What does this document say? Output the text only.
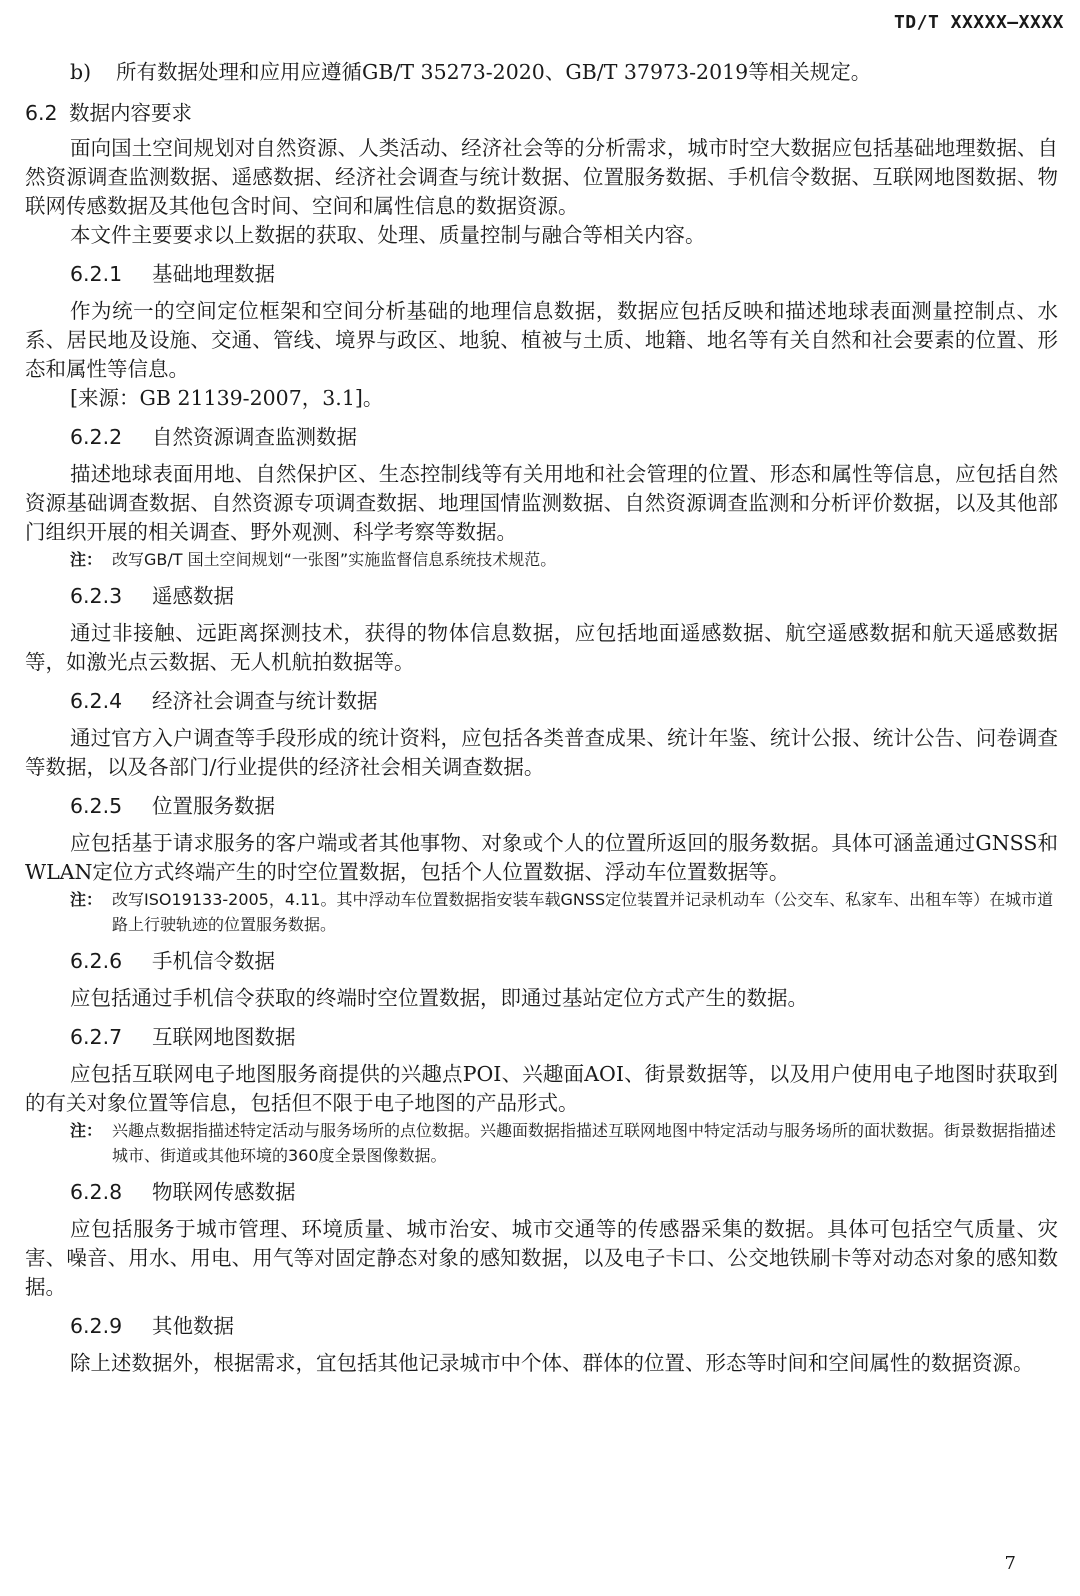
TD/T XXXXX—XXXX
b) 所有数据处理和应用应遵循GB/T 35273-2020、GB/T 37973-2019等相关规定。
6.2 数据内容要求

面向国土空间规划对自然资源、人类活动、经济社会等的分析需求，城市时空大数据应包括基础地理数据、自然资源调查监测数据、遥感数据、经济社会调查与统计数据、位置服务数据、手机信令数据、互联网地图数据、物联网传感数据及其他包含时间、空间和属性信息的数据资源。

本文件主要要求以上数据的获取、处理、质量控制与融合等相关内容。

6.2.1 基础地理数据

作为统一的空间定位框架和空间分析基础的地理信息数据，数据应包括反映和描述地球表面测量控制点、水系、居民地及设施、交通、管线、境界与政区、地貌、植被与土质、地籍、地名等有关自然和社会要素的位置、形态和属性等信息。

[来源：GB 21139-2007，3.1]。

6.2.2 自然资源调查监测数据

描述地球表面用地、自然保护区、生态控制线等有关用地和社会管理的位置、形态和属性等信息，应包括自然资源基础调查数据、自然资源专项调查数据、地理国情监测数据、自然资源调查监测和分析评价数据，以及其他部门组织开展的相关调查、野外观测、科学考察等数据。

注： 改写GB/T 国土空间规划“一张图”实施监督信息系统技术规范。
6.2.3 遥感数据

通过非接触、远距离探测技术，获得的物体信息数据，应包括地面遥感数据、航空遥感数据和航天遥感数据等，如激光点云数据、无人机航拍数据等。

6.2.4 经济社会调查与统计数据

通过官方入户调查等手段形成的统计资料，应包括各类普查成果、统计年鉴、统计公报、统计公告、问卷调查等数据，以及各部门/行业提供的经济社会相关调查数据。

6.2.5 位置服务数据

应包括基于请求服务的客户端或者其他事物、对象或个人的位置所返回的服务数据。具体可涵盖通过GNSS和WLAN定位方式终端产生的时空位置数据，包括个人位置数据、浮动车位置数据等。

注： 改写ISO19133-2005，4.11。其中浮动车位置数据指安装车载GNSS定位装置并记录机动车（公交车、私家车、出租车等）在城市道路上行驶轨迹的位置服务数据。
6.2.6 手机信令数据

应包括通过手机信令获取的终端时空位置数据，即通过基站定位方式产生的数据。

6.2.7 互联网地图数据

应包括互联网电子地图服务商提供的兴趣点POI、兴趣面AOI、街景数据等，以及用户使用电子地图时获取到的有关对象位置等信息，包括但不限于电子地图的产品形式。

注： 兴趣点数据指描述特定活动与服务场所的点位数据。兴趣面数据指描述互联网地图中特定活动与服务场所的面状数据。街景数据指描述城市、街道或其他环境的360度全景图像数据。
6.2.8 物联网传感数据

应包括服务于城市管理、环境质量、城市治安、城市交通等的传感器采集的数据。具体可包括空气质量、灾害、噪音、用水、用电、用气等对固定静态对象的感知数据，以及电子卡口、公交地铁刷卡等对动态对象的感知数据。

6.2.9 其他数据

除上述数据外，根据需求，宜包括其他记录城市中个体、群体的位置、形态等时间和空间属性的数据资源。

7
